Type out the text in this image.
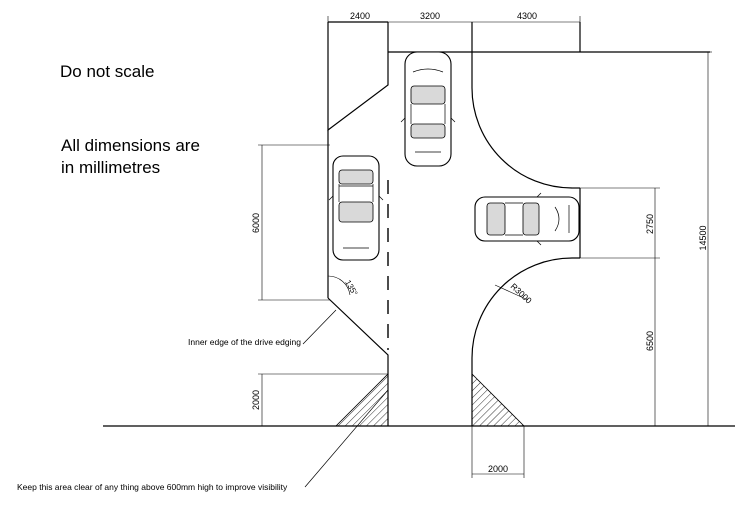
Do not scale
All dimensions are
in millimetres
Inner edge of the drive edging
Keep this area clear of any thing above 600mm high to improve visibility
2400	3200	4300
6000
135°
2000
R3000
2750
6500
14500
2000
